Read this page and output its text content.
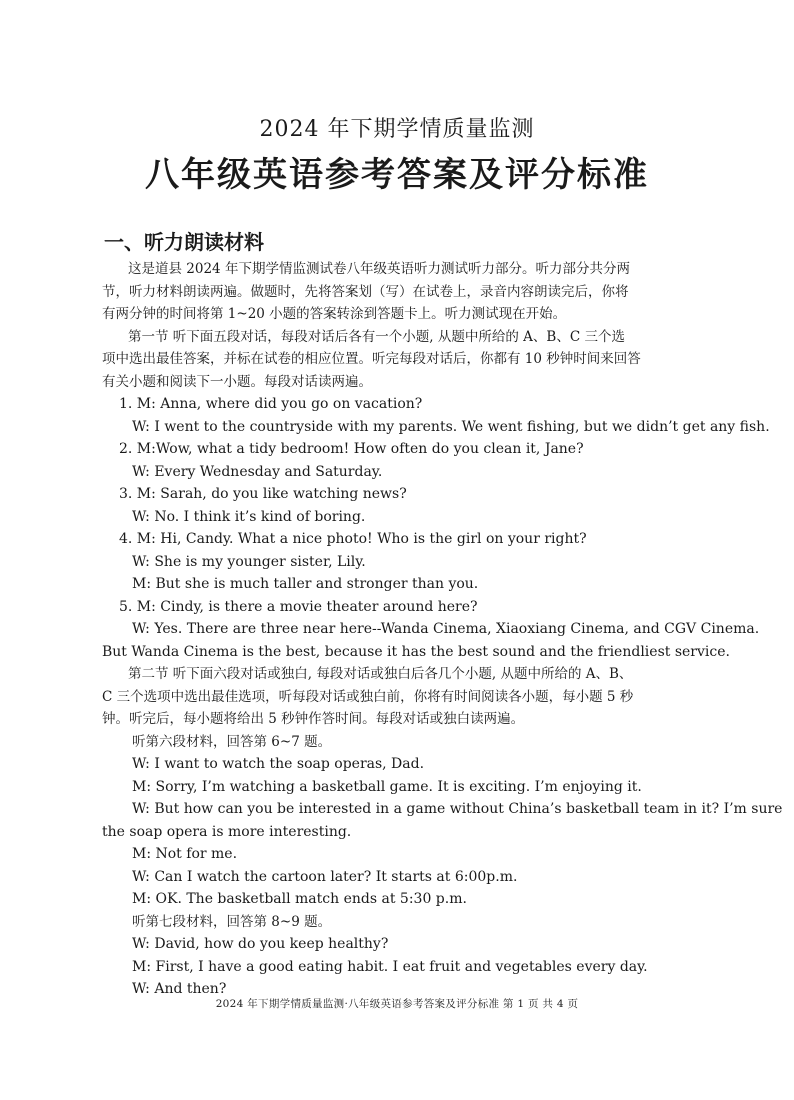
2024 年下期学情质量监测
八年级英语参考答案及评分标准
一、听力朗读材料
这是道县 2024 年下期学情监测试卷八年级英语听力测试听力部分。听力部分共分两
节，听力材料朗读两遍。做题时，先将答案划（写）在试卷上，录音内容朗读完后，你将
有两分钟的时间将第 1~20 小题的答案转涂到答题卡上。听力测试现在开始。
第一节 听下面五段对话，每段对话后各有一个小题, 从题中所给的 A、B、C 三个选
项中选出最佳答案，并标在试卷的相应位置。听完每段对话后，你都有 10 秒钟时间来回答
有关小题和阅读下一小题。每段对话读两遍。
1. M: Anna, where did you go on vacation?
W: I went to the countryside with my parents. We went fishing, but we didn’t get any fish.
2. M:Wow, what a tidy bedroom! How often do you clean it, Jane?
W: Every Wednesday and Saturday.
3. M: Sarah, do you like watching news?
W: No. I think it’s kind of boring.
4. M: Hi, Candy. What a nice photo! Who is the girl on your right?
W: She is my younger sister, Lily.
M: But she is much taller and stronger than you.
5. M: Cindy, is there a movie theater around here?
W: Yes. There are three near here--Wanda Cinema, Xiaoxiang Cinema, and CGV Cinema.
But Wanda Cinema is the best, because it has the best sound and the friendliest service.
第二节 听下面六段对话或独白, 每段对话或独白后各几个小题, 从题中所给的 A、B、
C 三个选项中选出最佳选项，听每段对话或独白前，你将有时间阅读各小题，每小题 5 秒
钟。听完后，每小题将给出 5 秒钟作答时间。每段对话或独白读两遍。
听第六段材料，回答第 6~7 题。
W: I want to watch the soap operas, Dad.
M: Sorry, I’m watching a basketball game. It is exciting. I’m enjoying it.
W: But how can you be interested in a game without China’s basketball team in it? I’m sure
the soap opera is more interesting.
M: Not for me.
W: Can I watch the cartoon later? It starts at 6:00p.m.
M: OK. The basketball match ends at 5:30 p.m.
听第七段材料，回答第 8~9 题。
W: David, how do you keep healthy?
M: First, I have a good eating habit. I eat fruit and vegetables every day.
W: And then?
2024 年下期学情质量监测·八年级英语参考答案及评分标准 第 1 页 共 4 页
